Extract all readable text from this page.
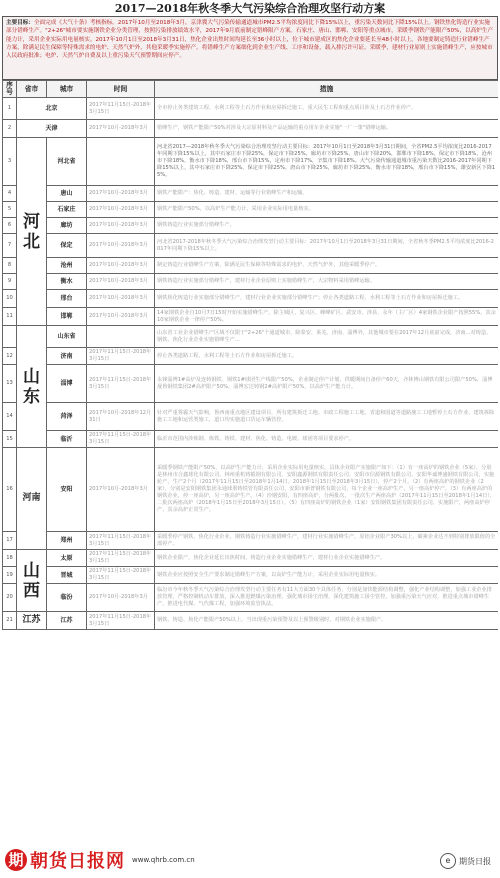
2017—2018年秋冬季大气污染综合治理攻坚行动方案
主要目标：全面完成《大气十条》考核指标。2017年10月至2018年3月，京津冀大气污染传输通道城市PM2.5平均浓度同比下降15%以上，重污染天数同比下降15%以上。钢铁焦化铸造行业实施部分错峰生产。"2+26"城市要实施钢铁企业分类管理，按照污染排放绩效水平，2017年9月底前制定错峰限产方案。石家庄、唐山、邯郸、安阳等重点城市，采暖季钢铁产能限产50%，以高炉生产能力计，采用企业实际用电量核实。2017年10月1日至2018年3月31日，焦化企业出焦时间均延长至36小时以上，位于城市建成区的焦化企业要延长至48小时以上。各地要制定铸造行业错峰生产方案，除满足民生保障等特殊需求的电炉、天然气炉外，其他采暖季实施停产。将错峰生产方案细化到企业生产线、工序和设备，载入排污许可证。采暖季，建材行业原则上实施错峰生产，应按城市人民政府批准；电炉、天然气炉自费及以上重污染天气预警期间应停产。
序号	省市	城市	时间	措施
1	北京		2017年11月15日-2018年3月15日	全市停止务类建筑工程、水利工程等土石方作业和房屋拆迁施工，重大民生工程和重点项目涉及土石方作业停产。
2	天津		2017年10月-2018年3月	错峰生产，钢铁产能限产50%对涉及大宗原材料及产品运输的重点用车企业实施"一厂一策"错峰运输。
3	河北	河北省		河北省2017—2018年秋冬季大气污染综合治理攻坚行动主要目标：2017年10月1日至2018年3月31日期间，全省PM2.5平均浓度比2016-2017年同期下降15%以上，其中石家庄市下降25%，保定市下降25%，廊坊市下降25%，唐山市下降20%，邯郸市下降18%，保定市下降18%，沧州市下降18%，衡水市下降18%，邢台市下降15%，定州市下降17%，辛集市下降18%。大气污染传输通道城市重污染天数比2016-2017年同期下降15%以上，其中石家庄市下降25%，保定市下降25%，唐山市下降25%，廊坊市下降25%，衡水市下降18%，邢台市下降15%，雄安新区下降15%。
4		唐山	2017年10月-2018年3月	钢铁产能限产：焦化、铸造、建材、运输等行业错峰生产和运输。
5		石家庄	2017年10月-2018年3月	钢铁产能限产50%，以高炉生产能力计，采用企业实际用电量核实。
6		廊坊	2017年10月-2018年3月	钢铁铸造行业实施部分错峰生产。
7		保定	2017年10月-2018年3月	河北省2017-2018年秋冬季大气污染综合治理攻坚行动主要目标：2017年10月1日至2018年3月31日期间，全省秋冬季PM2.5平均浓度比2016-2017年同期下降15%以上。
8		沧州	2017年10月-2018年3月	制定铸造行业错峰生产方案，除满足民生保障等特殊需求的电炉、天然气炉外，其他采暖季停产。
9		衡水	2017年10月-2018年3月	钢铁铸造行业实施部分错峰生产，建材行业企业原则上实施错峰生产，大宗物料采用错峰运输。
10		邢台	2017年10月-2018年3月	钢铁焦化铸造行业实施部分错峰生产，建材行业企业实施部分错峰生产；停止各类道路工程、水利工程等土石方作业和房屋拆迁施工。
11		邯郸	2017年10月-2018年3月	14家钢铁企业自10月7日15时开始实施错峰生产，除主城区、复兴区、峰峰矿区、武安市、涉县、永年（主厂区）4家钢铁企业限产按照55%，其余10家钢铁企业一律停产50%。
	山东	山东省		山东省工业企业错峰生产区域不仅限于"2+26"个通道城市，除泰安、莱芜、济南、淄博外，其他城市要在2017年12月底前完成，济南...对铸造、钢铁、焦化行业企业实施错峰生产...
12		济南	2017年11月15日-2018年3月15日	停止各类道路工程、水利工程等土石方作业和房屋拆迁施工。
13		淄博	2017年11月15日-2018年3月15日	永锋淄博1#高炉及连铸钢铁、钢铁1#球团生产线限产50%，企业制定停产计划，供暖期间自备停产60天，齐林傅山钢铁有限公司限产50%，淄博晟鲁钢铁集团2#高炉限产50%，淄博宏达铸钢2#高炉限产50%，以高炉生产能力计。
14		菏泽	2017年10月-2018年12月31日	针对严重雾霾天气影响，鲁西南重点地区建设项目，所有建筑拆迁工地、市政工程施工工地、省道和国道等道路施工工地暂停土石方作业、建筑拆除施工工地和运营类施工，道口均实施道口货运车辆管控。
15		临沂	2017年11月15日-2018年3月15日	临沂市范围内涉炼钢、炼铁、铸铁、建材、焦化、铸造、电镀、球团等项目要求停产。
16	河南	安阳	2017年10月-2018年3月	采暖季钢铁产能限产50%，以高炉生产能力计，采用企业实际用电量核实，具体企业限产实施限产如下：（1）有一座高炉的钢铁企业（5家），分别是林州市合鑫球化有限公司、林州重机铸锻钢有限公司、安阳鑫源钢铁有限责任公司、安阳市信源钢铁有限公司、安阳华诚博盛钢铁有限公司，实施轮产，生产2个月（2017年11月15日至2018年1月14日、2018年1月15日至2018年3月15日），停产2个月。（2）有两座高炉的钢铁企业（2家），分别是安阳钢铁集团永通球墨铸铁管有限责任公司、安阳市新普钢铁有限公司，每个企业一座高炉生产、另一座高炉停产。（3）有两座高炉的钢铁企业，停一座高炉，另一座高炉生产。（4）沙钢安阳，有四座高炉，分两批次，一批次生产两座高炉（2017年11月15日至2018年1月14日），二批次两座高炉（2018年1月15日至2018年3月15日）。（5）有四座高炉的钢铁企业（1家）安阳钢铁集团有限责任公司，实施限产，两座高炉停产、其余高炉正常生产。
17		郑州	2017年11月15日-2018年3月15日	采暖季停产钢铁、焦化行业企业，钢铁铸造行业实施错峰生产，建材行业实施错峰生产，原铝企业限产30%以上，碳素企业达不到特别排放限值的全部停产。
18	山西	太原	2017年11月15日-2018年3月15日	钢铁企业限产，焦化企业延长出焦时间，铸造行业企业实施错峰生产，建材行业企业实施错峰生产。
19		晋城	2017年11月15日-2018年3月15日	钢铁企业应按照安全生产要求制定错峰生产方案，以高炉生产能力计，采用企业实际用电量核实。
20		临汾	2017年10月-2018年3月	临汾市今年秋冬季大气污染综合治理攻坚行动主要任务有11大方面30个具体任务，分别是加快能源结构调整，强化产业结构调整，加强工业企业排放管理，严格控制机动车排放，深入推进燃煤污染治理，强化城市扬尘治理，深化建筑施工扬尘管控，加强重污染天气应对，推进重点城市错峰生产，推进电代煤、气代煤工程，加强环境监管执法。
21	江苏	江苏	2017年11月15日-2018年3月15日	钢铁、铸造、焦化产能限产50%以上，当出现重污染预警及以上预警级别时，对钢铁企业实施限产。
期 朝货日报网 www.qhrb.com.cn	e	期货日报
